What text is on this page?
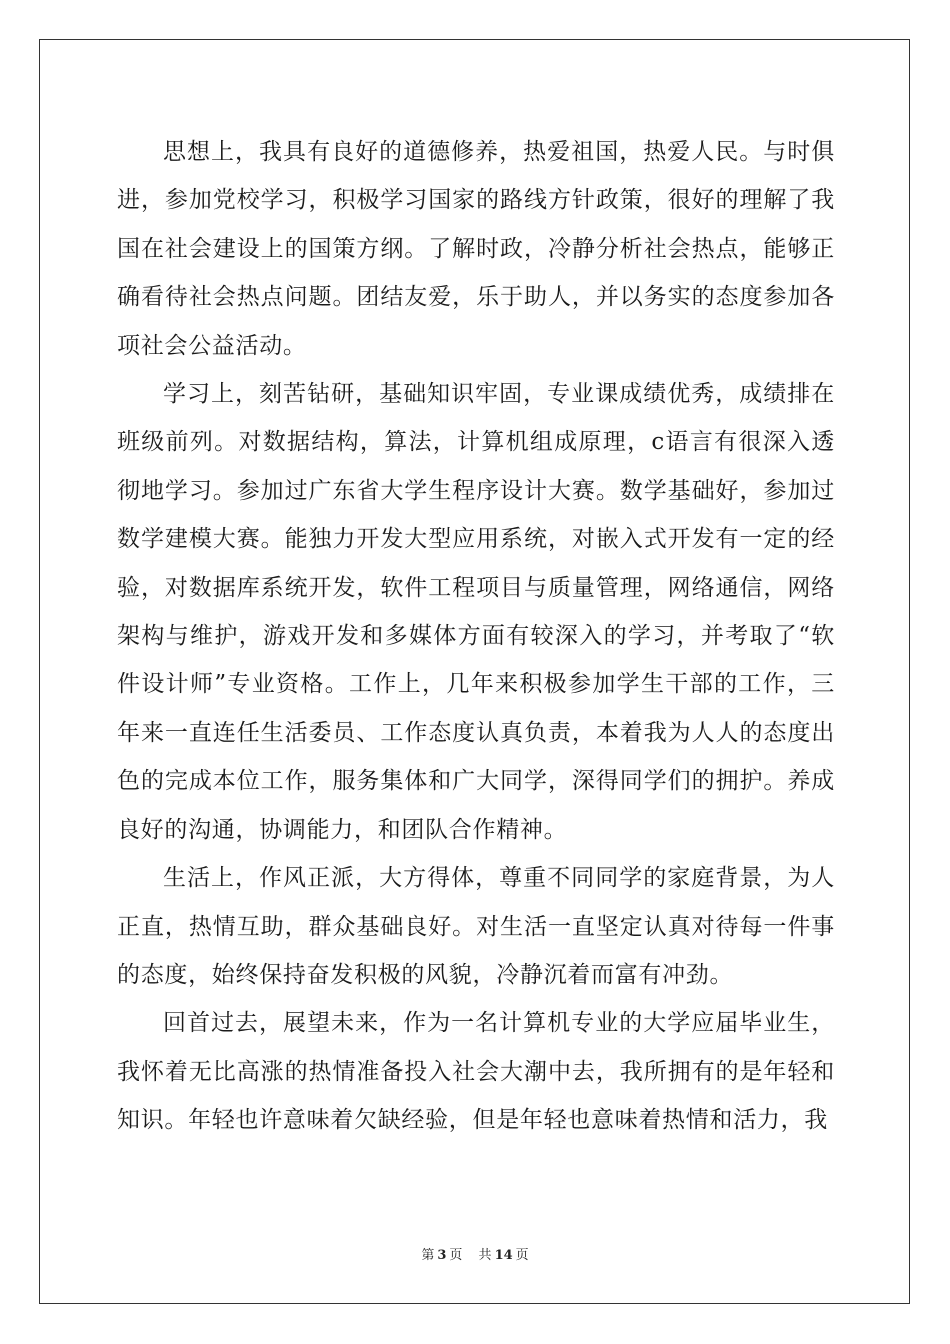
思想上，我具有良好的道德修养，热爱祖国，热爱人民。与时俱进，参加党校学习，积极学习国家的路线方针政策，很好的理解了我国在社会建设上的国策方纲。了解时政，冷静分析社会热点，能够正确看待社会热点问题。团结友爱，乐于助人，并以务实的态度参加各项社会公益活动。

学习上，刻苦钻研，基础知识牢固，专业课成绩优秀，成绩排在班级前列。对数据结构，算法，计算机组成原理，c语言有很深入透彻地学习。参加过广东省大学生程序设计大赛。数学基础好，参加过数学建模大赛。能独力开发大型应用系统，对嵌入式开发有一定的经验，对数据库系统开发，软件工程项目与质量管理，网络通信，网络架构与维护，游戏开发和多媒体方面有较深入的学习，并考取了“软件设计师”专业资格。工作上，几年来积极参加学生干部的工作，三年来一直连任生活委员、工作态度认真负责，本着我为人人的态度出色的完成本位工作，服务集体和广大同学，深得同学们的拥护。养成良好的沟通，协调能力，和团队合作精神。

生活上，作风正派，大方得体，尊重不同同学的家庭背景，为人正直，热情互助，群众基础良好。对生活一直坚定认真对待每一件事的态度，始终保持奋发积极的风貌，冷静沉着而富有冲劲。

回首过去，展望未来，作为一名计算机专业的大学应届毕业生，我怀着无比高涨的热情准备投入社会大潮中去，我所拥有的是年轻和知识。年轻也许意味着欠缺经验，但是年轻也意味着热情和活力，我

第 3 页 共 14 页
